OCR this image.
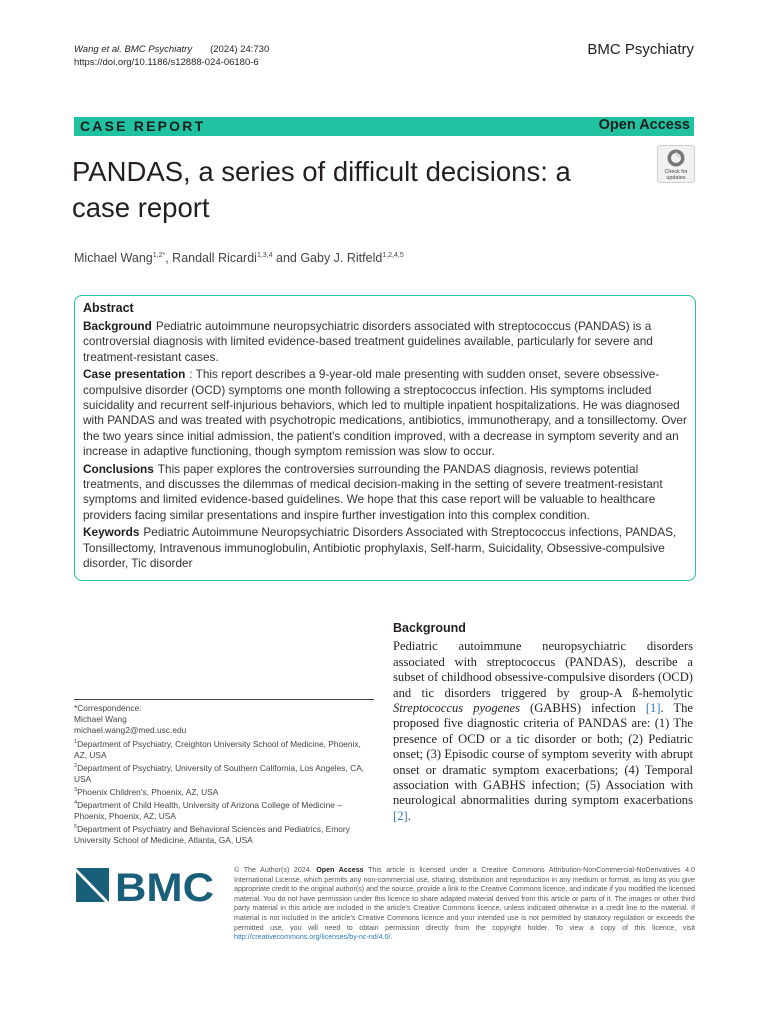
Wang et al. BMC Psychiatry (2024) 24:730
https://doi.org/10.1186/s12888-024-06180-6
BMC Psychiatry
CASE REPORT	Open Access
PANDAS, a series of difficult decisions: a case report
Check for
updates
Michael Wang$^{1,2*}$, Randall Ricardi$^{1,3,4}$ and Gaby J. Ritfeld$^{1,2,4,5}$
Abstract

Background Pediatric autoimmune neuropsychiatric disorders associated with streptococcus (PANDAS) is a controversial diagnosis with limited evidence-based treatment guidelines available, particularly for severe and treatment-resistant cases.

Case presentation : This report describes a 9-year-old male presenting with sudden onset, severe obsessive-compulsive disorder (OCD) symptoms one month following a streptococcus infection. His symptoms included suicidality and recurrent self-injurious behaviors, which led to multiple inpatient hospitalizations. He was diagnosed with PANDAS and was treated with psychotropic medications, antibiotics, immunotherapy, and a tonsillectomy. Over the two years since initial admission, the patient's condition improved, with a decrease in symptom severity and an increase in adaptive functioning, though symptom remission was slow to occur.

Conclusions This paper explores the controversies surrounding the PANDAS diagnosis, reviews potential treatments, and discusses the dilemmas of medical decision-making in the setting of severe treatment-resistant symptoms and limited evidence-based guidelines. We hope that this case report will be valuable to healthcare providers facing similar presentations and inspire further investigation into this complex condition.

Keywords Pediatric Autoimmune Neuropsychiatric Disorders Associated with Streptococcus infections, PANDAS, Tonsillectomy, Intravenous immunoglobulin, Antibiotic prophylaxis, Self-harm, Suicidality, Obsessive-compulsive disorder, Tic disorder

Background

Pediatric autoimmune neuropsychiatric disorders associated with streptococcus (PANDAS), describe a subset of childhood obsessive-compulsive disorders (OCD) and tic disorders triggered by group-A ß-hemolytic Streptococcus pyogenes (GABHS) infection [1]. The proposed five diagnostic criteria of PANDAS are: (1) The presence of OCD or a tic disorder or both; (2) Pediatric onset; (3) Episodic course of symptom severity with abrupt onset or dramatic symptom exacerbations; (4) Temporal association with GABHS infection; (5) Association with neurological abnormalities during symptom exacerbations [2].

*Correspondence:
Michael Wang
michael.wang2@med.usc.edu
$^1$Department of Psychiatry, Creighton University School of Medicine, Phoenix, AZ, USA
$^2$Department of Psychiatry, University of Southern California, Los Angeles, CA, USA
$^3$Phoenix Children's, Phoenix, AZ, USA
$^4$Department of Child Health, University of Arizona College of Medicine – Phoenix, Phoenix, AZ, USA
$^5$Department of Psychiatry and Behavioral Sciences and Pediatrics, Emory University School of Medicine, Atlanta, GA, USA
BMC	© The Author(s) 2024. Open Access This article is licensed under a Creative Commons Attribution-NonCommercial-NoDerivatives 4.0 International License, which permits any non-commercial use, sharing, distribution and reproduction in any medium or format, as long as you give appropriate credit to the original author(s) and the source, provide a link to the Creative Commons licence, and indicate if you modified the licensed material. You do not have permission under this licence to share adapted material derived from this article or parts of it. The images or other third party material in this article are included in the article's Creative Commons licence, unless indicated otherwise in a credit line to the material. If material is not included in the article's Creative Commons licence and your intended use is not permitted by statutory regulation or exceeds the permitted use, you will need to obtain permission directly from the copyright holder. To view a copy of this licence, visit http://creativecommons.org/licenses/by-nc-nd/4.0/.
